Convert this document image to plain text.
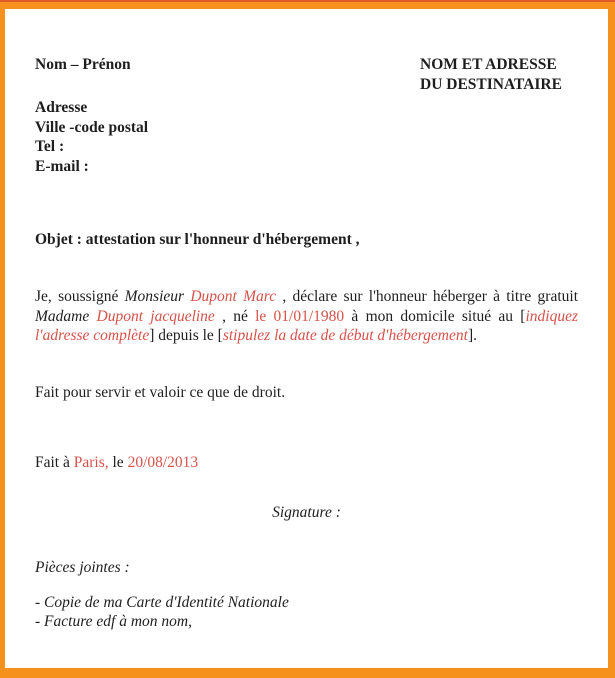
Nom – Prénon	NOM ET ADRESSE
DU DESTINATAIRE
Adresse
Ville -code postal
Tel :
E-mail :
Objet : attestation sur l'honneur d'hébergement ,

Je, soussigné Monsieur Dupont Marc , déclare sur l'honneur héberger à titre gratuit Madame Dupont jacqueline , né le 01/01/1980 à mon domicile situé au [indiquez l'adresse complète] depuis le [stipulez la date de début d'hébergement].

Fait pour servir et valoir ce que de droit.
Fait à Paris, le 20/08/2013
Signature :
Pièces jointes :
- Copie de ma Carte d'Identité Nationale
- Facture edf à mon nom,
